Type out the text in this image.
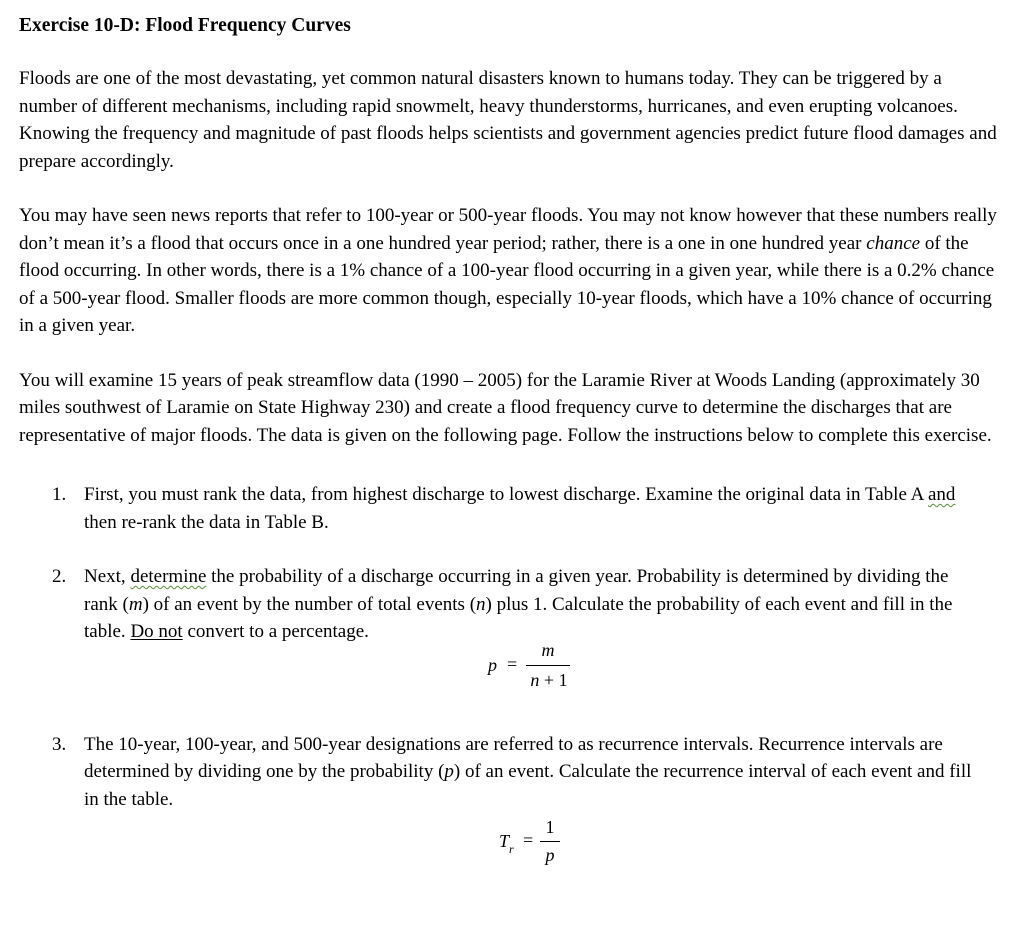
Exercise 10-D: Flood Frequency Curves

Floods are one of the most devastating, yet common natural disasters known to humans today. They can be triggered by a number of different mechanisms, including rapid snowmelt, heavy thunderstorms, hurricanes, and even erupting volcanoes. Knowing the frequency and magnitude of past floods helps scientists and government agencies predict future flood damages and prepare accordingly.

You may have seen news reports that refer to 100-year or 500-year floods. You may not know however that these numbers really don’t mean it’s a flood that occurs once in a one hundred year period; rather, there is a one in one hundred year chance of the flood occurring. In other words, there is a 1% chance of a 100-year flood occurring in a given year, while there is a 0.2% chance of a 500-year flood. Smaller floods are more common though, especially 10-year floods, which have a 10% chance of occurring in a given year.

You will examine 15 years of peak streamflow data (1990 – 2005) for the Laramie River at Woods Landing (approximately 30 miles southwest of Laramie on State Highway 230) and create a flood frequency curve to determine the discharges that are representative of major floods. The data is given on the following page. Follow the instructions below to complete this exercise.

1. First, you must rank the data, from highest discharge to lowest discharge. Examine the original data in Table A and then re-rank the data in Table B.
2. Next, determine the probability of a discharge occurring in a given year. Probability is determined by dividing the rank (m) of an event by the number of total events (n) plus 1. Calculate the probability of each event and fill in the table. Do not convert to a percentage.
p =
m
n + 1
3. The 10-year, 100-year, and 500-year designations are referred to as recurrence intervals. Recurrence intervals are determined by dividing one by the probability (p) of an event. Calculate the recurrence interval of each event and fill in the table.
$T_r$ =
1
p
